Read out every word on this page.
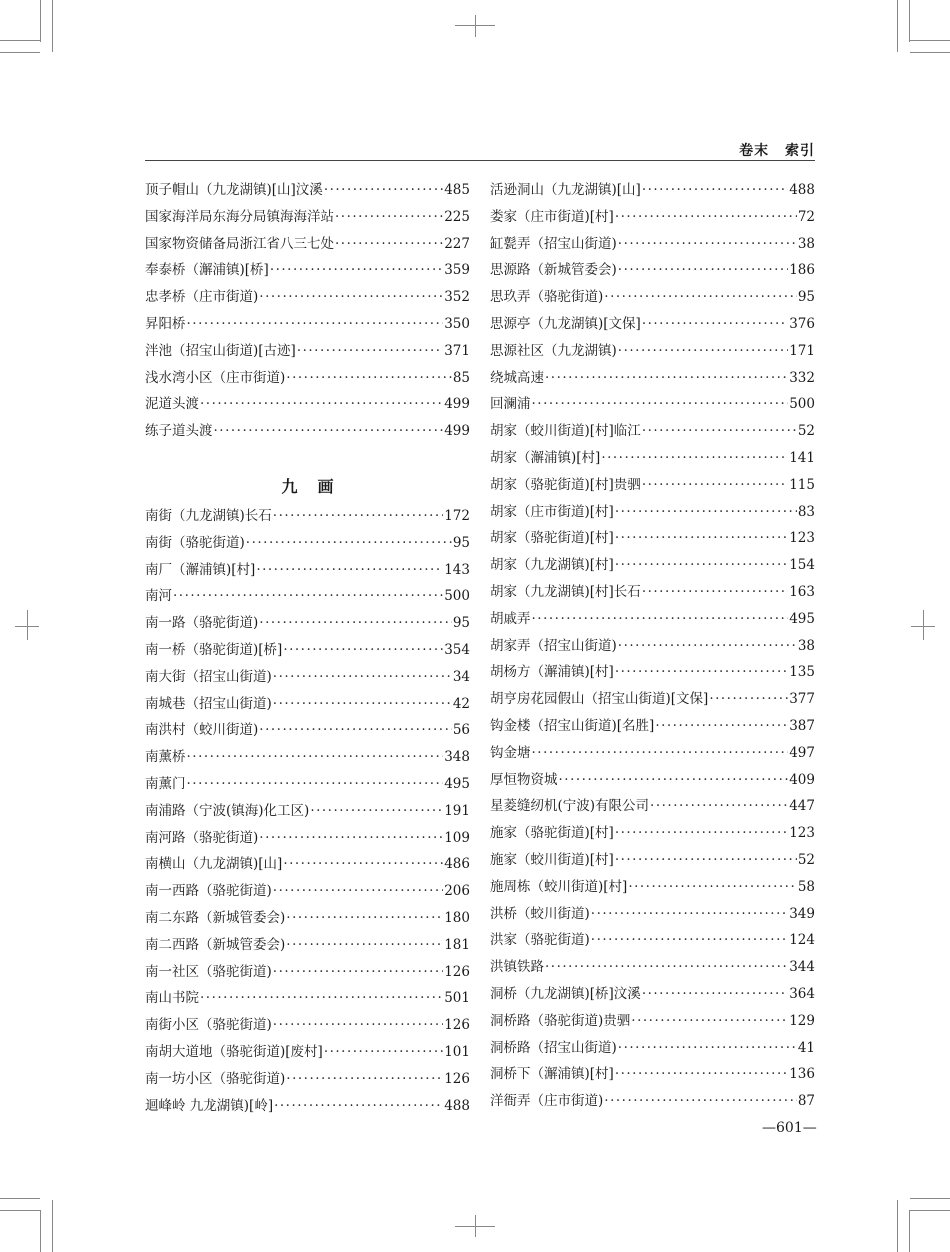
卷末 索引
顶子帽山（九龙湖镇)[山]汶溪 ·····	485
国家海洋局东海分局镇海海洋站 ·····	225
国家物资储备局浙江省八三七处 ·····	227
奉泰桥（澥浦镇)[桥] ·····	359
忠孝桥（庄市街道) ·····	352
昇阳桥 ·····	350
泮池（招宝山街道)[古迹] ·····	371
浅水湾小区（庄市街道) ·····	85
泥道头渡 ·····	499
练子道头渡 ·····	499
九画
南街（九龙湖镇)长石 ·····	172
南街（骆驼街道) ·····	95
南厂（澥浦镇)[村] ·····	143
南河 ·····	500
南一路（骆驼街道) ·····	95
南一桥（骆驼街道)[桥] ·····	354
南大街（招宝山街道) ·····	34
南城巷（招宝山街道) ·····	42
南洪村（蛟川街道) ·····	56
南薰桥 ·····	348
南薰门 ·····	495
南浦路（宁波(镇海)化工区) ·····	191
南河路（骆驼街道) ·····	109
南横山（九龙湖镇)[山] ·····	486
南一西路（骆驼街道) ·····	206
南二东路（新城管委会) ·····	180
南二西路（新城管委会) ·····	181
南一社区（骆驼街道) ·····	126
南山书院 ·····	501
南街小区（骆驼街道) ·····	126
南胡大道地（骆驼街道)[废村] ·····	101
南一坊小区（骆驼街道) ·····	126
迴峰岭 九龙湖镇)[岭] ·····	488
活逊洞山（九龙湖镇)[山] ·····	488
娄家（庄市街道)[村] ·····	72
缸甏弄（招宝山街道) ·····	38
思源路（新城管委会) ·····	186
思玖弄（骆驼街道) ·····	95
思源亭（九龙湖镇)[文保] ·····	376
思源社区（九龙湖镇) ·····	171
绕城高速 ·····	332
回澜浦 ·····	500
胡家（蛟川街道)[村]临江 ·····	52
胡家（澥浦镇)[村] ·····	141
胡家（骆驼街道)[村]贵驷 ·····	115
胡家（庄市街道)[村] ·····	83
胡家（骆驼街道)[村] ·····	123
胡家（九龙湖镇)[村] ·····	154
胡家（九龙湖镇)[村]长石 ·····	163
胡戚弄 ·····	495
胡家弄（招宝山街道) ·····	38
胡杨方（澥浦镇)[村] ·····	135
胡亨房花园假山（招宝山街道)[文保] ·····	377
钩金楼（招宝山街道)[名胜] ·····	387
钩金塘 ·····	497
厚恒物资城 ·····	409
星菱缝纫机(宁波)有限公司 ·····	447
施家（骆驼街道)[村] ·····	123
施家（蛟川街道)[村] ·····	52
施周栋（蛟川街道)[村] ·····	58
洪桥（蛟川街道) ·····	349
洪家（骆驼街道) ·····	124
洪镇铁路 ·····	344
洞桥（九龙湖镇)[桥]汶溪 ·····	364
洞桥路（骆驼街道)贵驷 ·····	129
洞桥路（招宝山街道) ·····	41
洞桥下（澥浦镇)[村] ·····	136
洋衙弄（庄市街道) ·····	87
—601—
